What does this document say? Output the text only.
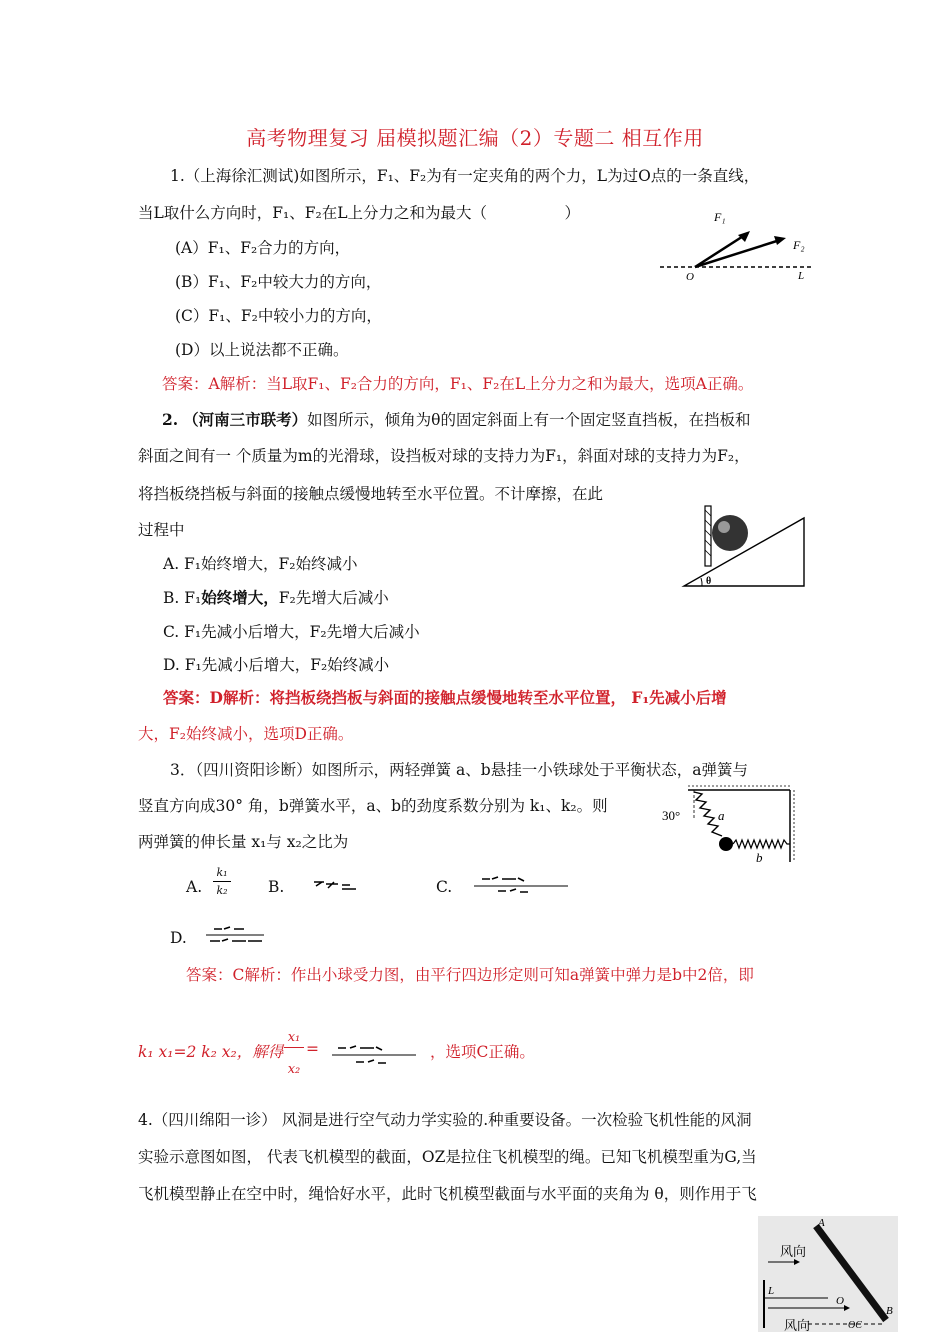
高考物理复习 届模拟题汇编（2）专题二 相互作用
1.（上海徐汇测试)如图所示，F₁、F₂为有一定夹角的两个力，L为过O点的一条直线，
当L取什么方向时，F₁、F₂在L上分力之和为最大（　　　　　）
(A）F₁、F₂合力的方向，
(B）F₁、F₂中较大力的方向，
(C）F₁、F₂中较小力的方向，
(D）以上说法都不正确。
答案：A解析：当L取F₁、F₂合力的方向，F₁、F₂在L上分力之和为最大，选项A正确。
F₁
F₂
O	L
2. （河南三市联考）如图所示，倾角为θ的固定斜面上有一个固定竖直挡板，在挡板和
斜面之间有一 个质量为m的光滑球，设挡板对球的支持力为F₁，斜面对球的支持力为F₂，
将挡板绕挡板与斜面的接触点缓慢地转至水平位置。不计摩擦，在此
过程中
A. F₁始终增大，F₂始终减小
B. F₁始终增大，F₂先增大后减小
C. F₁先减小后增大，F₂先增大后减小
D. F₁先减小后增大，F₂始终减小
答案：D解析：将挡板绕挡板与斜面的接触点缓慢地转至水平位置， F₁先减小后增
大，F₂始终减小，选项D正确。
θ
3．（四川资阳诊断）如图所示，两轻弹簧 a、b悬挂一小铁球处于平衡状态，a弹簧与
竖直方向成30° 角，b弹簧水平，a、b的劲度系数分别为 k₁、k₂。则
两弹簧的伸长量 x₁与 x₂之比为
A.
k₁
k₂	B.	C.
D.
答案：C解析：作出小球受力图，由平行四边形定则可知a弹簧中弹力是b中2倍，即
k₁ x₁=2 k₂ x₂，解得
x₁
x₂
=	，选项C正确。
30°	a
b
4.（四川绵阳一诊） 风洞是进行空气动力学实验的.种重要设备。一次检验飞机性能的风洞
实验示意图如图， 代表飞机模型的截面，OZ是拉住飞机模型的绳。已知飞机模型重为G,当
飞机模型静止在空中时，绳恰好水平，此时飞机模型截面与水平面的夹角为 θ，则作用于飞
风向
风向
A
B
L
O
OC
